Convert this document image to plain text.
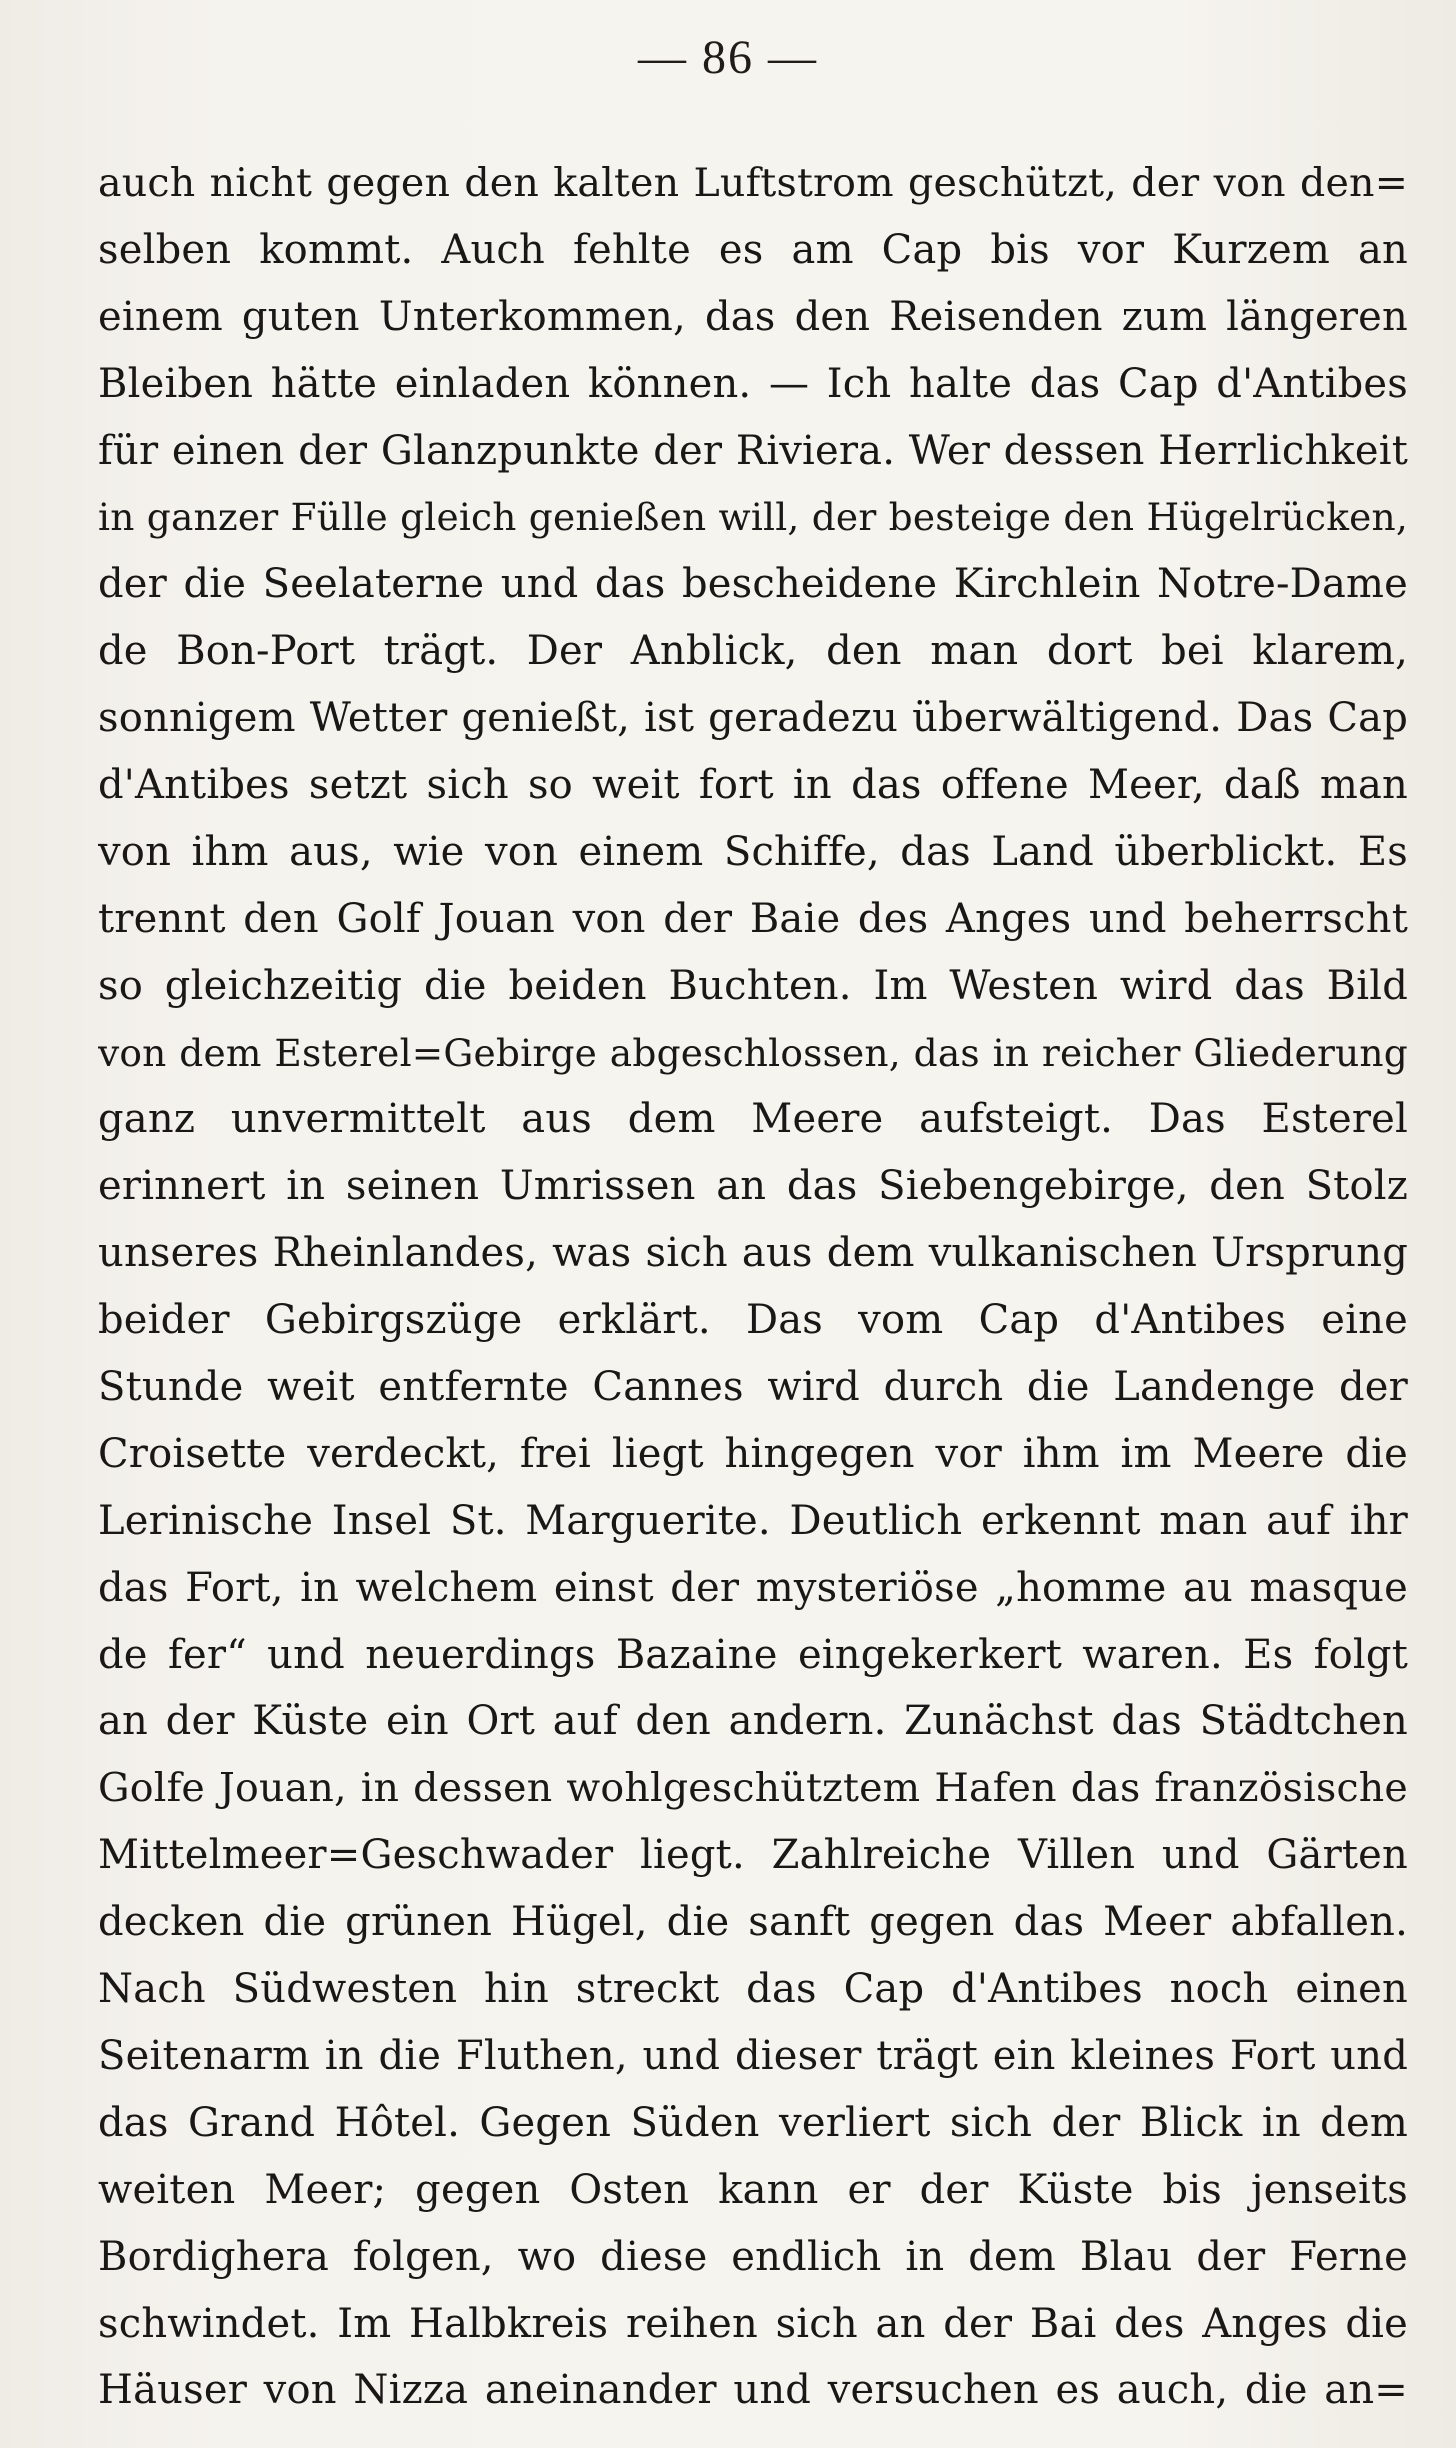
— 86 —
auch nicht gegen den kalten Luftstrom geschützt, der von den=
selben kommt. Auch fehlte es am Cap bis vor Kurzem an
einem guten Unterkommen, das den Reisenden zum längeren
Bleiben hätte einladen können. — Ich halte das Cap d'Antibes
für einen der Glanzpunkte der Riviera. Wer dessen Herrlichkeit
in ganzer Fülle gleich genießen will, der besteige den Hügelrücken,
der die Seelaterne und das bescheidene Kirchlein Notre-Dame
de Bon-Port trägt. Der Anblick, den man dort bei klarem,
sonnigem Wetter genießt, ist geradezu überwältigend. Das Cap
d'Antibes setzt sich so weit fort in das offene Meer, daß man
von ihm aus, wie von einem Schiffe, das Land überblickt. Es
trennt den Golf Jouan von der Baie des Anges und beherrscht
so gleichzeitig die beiden Buchten. Im Westen wird das Bild
von dem Esterel=Gebirge abgeschlossen, das in reicher Gliederung
ganz unvermittelt aus dem Meere aufsteigt. Das Esterel
erinnert in seinen Umrissen an das Siebengebirge, den Stolz
unseres Rheinlandes, was sich aus dem vulkanischen Ursprung
beider Gebirgszüge erklärt. Das vom Cap d'Antibes eine
Stunde weit entfernte Cannes wird durch die Landenge der
Croisette verdeckt, frei liegt hingegen vor ihm im Meere die
Lerinische Insel St. Marguerite. Deutlich erkennt man auf ihr
das Fort, in welchem einst der mysteriöse „homme au masque
de fer“ und neuerdings Bazaine eingekerkert waren. Es folgt
an der Küste ein Ort auf den andern. Zunächst das Städtchen
Golfe Jouan, in dessen wohlgeschütztem Hafen das französische
Mittelmeer=Geschwader liegt. Zahlreiche Villen und Gärten
decken die grünen Hügel, die sanft gegen das Meer abfallen.
Nach Südwesten hin streckt das Cap d'Antibes noch einen
Seitenarm in die Fluthen, und dieser trägt ein kleines Fort und
das Grand Hôtel. Gegen Süden verliert sich der Blick in dem
weiten Meer; gegen Osten kann er der Küste bis jenseits
Bordighera folgen, wo diese endlich in dem Blau der Ferne
schwindet. Im Halbkreis reihen sich an der Bai des Anges die
Häuser von Nizza aneinander und versuchen es auch, die an=
